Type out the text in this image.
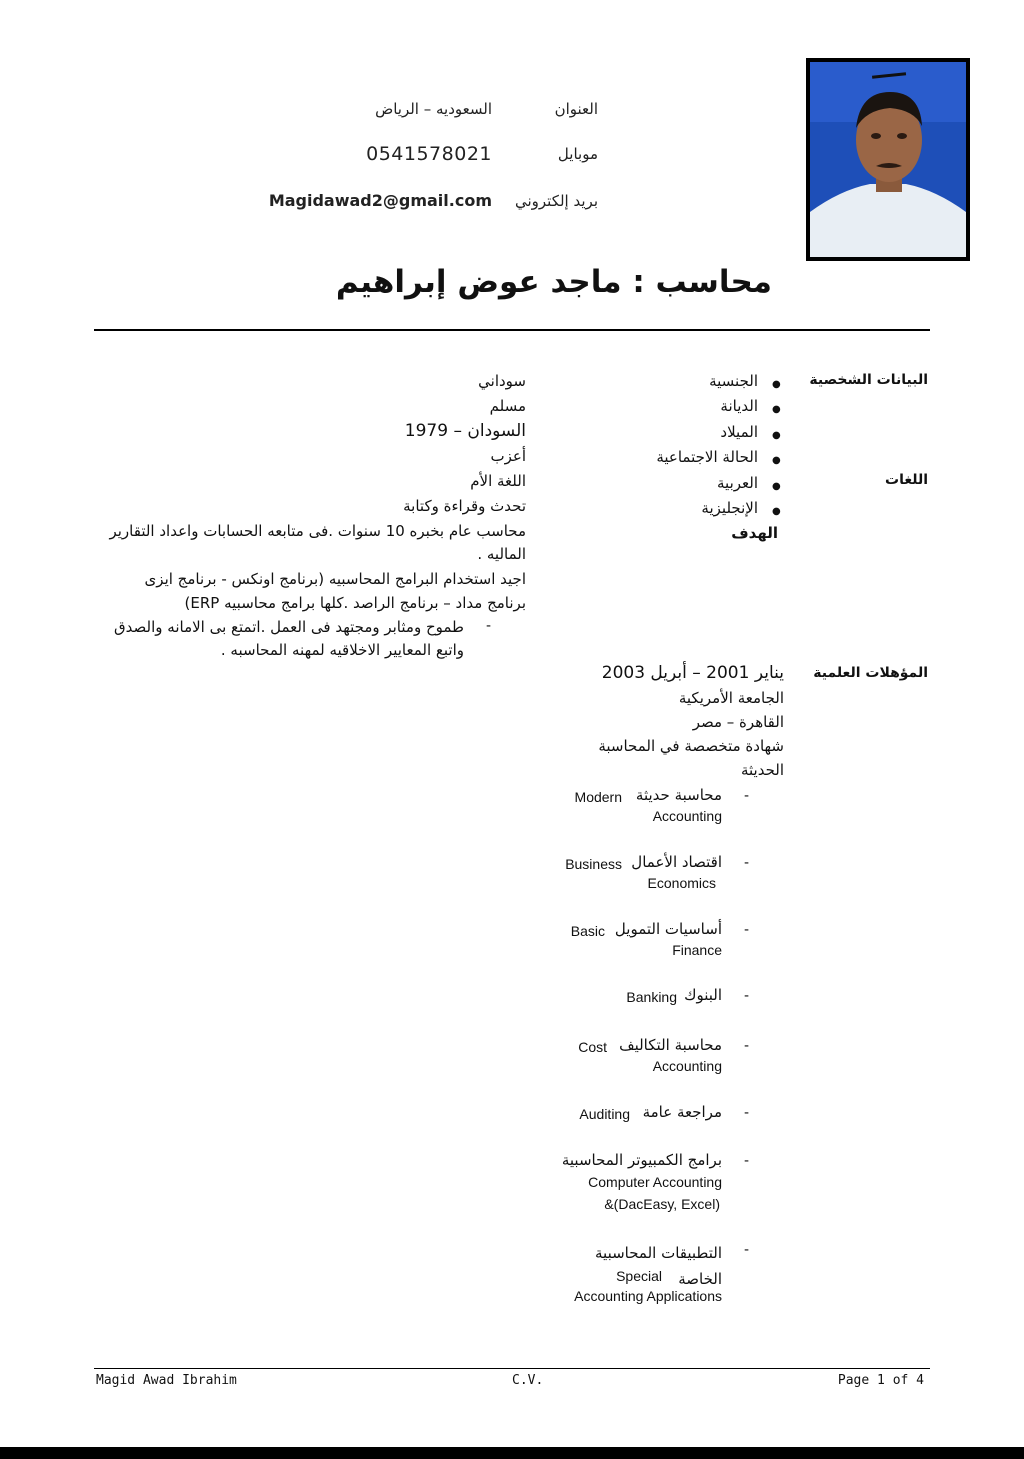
العنوان
السعوديه – الرياض
موبايل
0541578021
بريد إلكتروني
Magidawad2@gmail.com
محاسب : ماجد عوض إبراهيم
البيانات الشخصية
●
الجنسية
سوداني
●
الديانة
مسلم
●
الميلاد
السودان – 1979
●
الحالة الاجتماعية
أعزب
اللغات
●
العربية
اللغة الأم
●
الإنجليزية
تحدث وقراءة وكتابة
الهدف
محاسب عام بخبره 10 سنوات .فى متابعه الحسابات واعداد التقارير
الماليه .
اجيد استخدام البرامج المحاسبيه (برنامج اونكس - برنامج ايزى
برنامج مداد – برنامج الراصد .كلها برامج محاسبيه ERP)
-
طموح ومثابر ومجتهد فى العمل .اتمتع بى الامانه والصدق
واتبع المعايير الاخلاقيه لمهنه المحاسبه .
المؤهلات العلمية
يناير 2001 – أبريل 2003
الجامعة الأمريكية
القاهرة – مصر
شهادة متخصصة في المحاسبة
الحديثة
-
محاسبة حديثة
Modern
Accounting
-
اقتصاد الأعمال
Business
Economics
-
أساسيات التمويل
Basic
Finance
-
البنوك
Banking
-
محاسبة التكاليف
Cost
Accounting
-
مراجعة عامة
Auditing
-
برامج الكمبيوتر المحاسبية
Computer Accounting
&(DacEasy, Excel)
-
التطبيقات المحاسبية الخاصة
Special
Accounting Applications
Magid Awad Ibrahim	C.V.	Page 1 of 4
